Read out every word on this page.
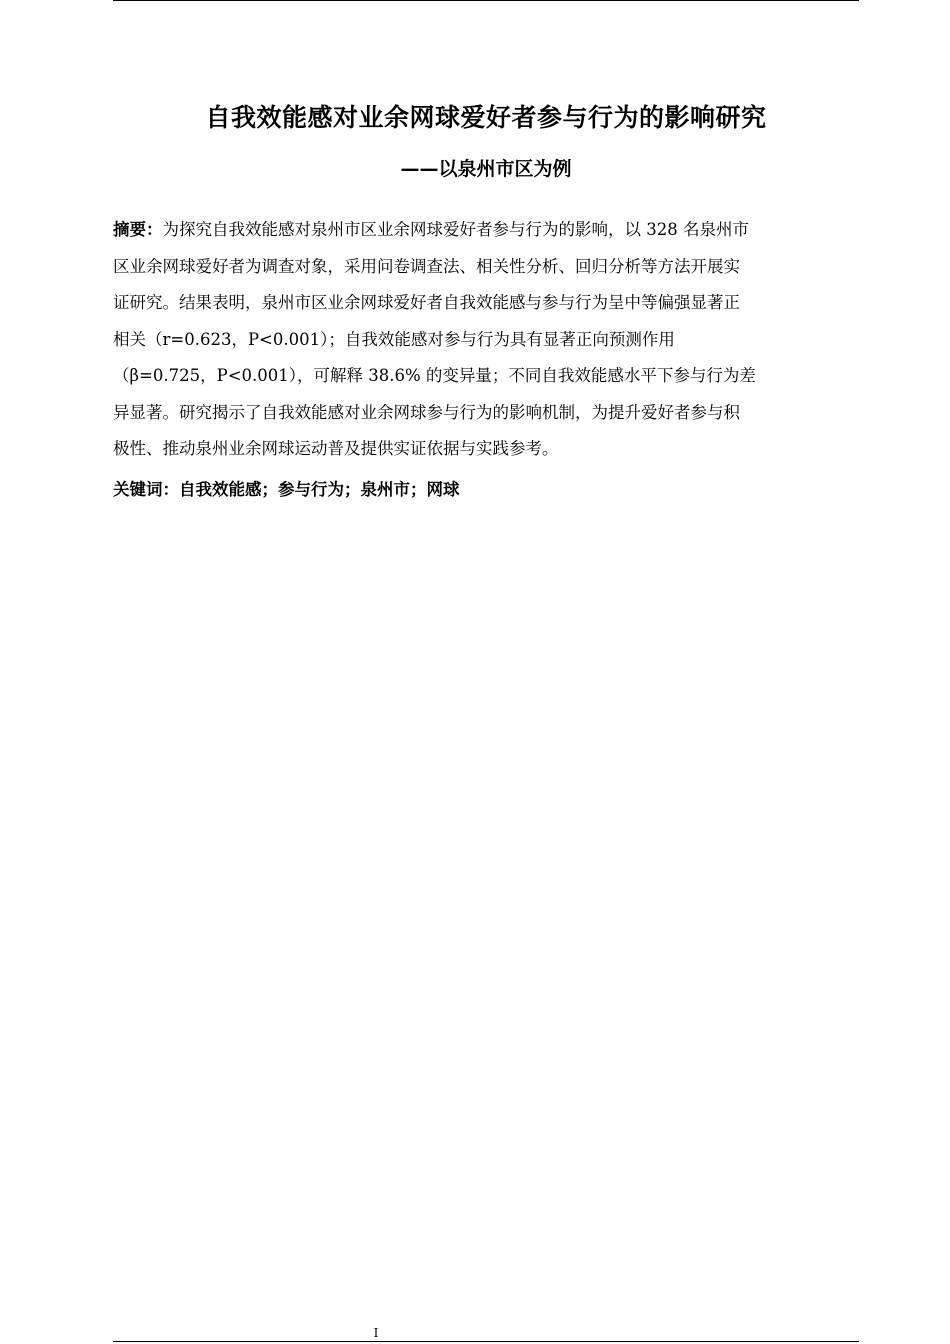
自我效能感对业余网球爱好者参与行为的影响研究
——以泉州市区为例
摘要：为探究自我效能感对泉州市区业余网球爱好者参与行为的影响，以 328 名泉州市
区业余网球爱好者为调查对象，采用问卷调查法、相关性分析、回归分析等方法开展实
证研究。结果表明，泉州市区业余网球爱好者自我效能感与参与行为呈中等偏强显著正
相关（r=0.623，P<0.001）；自我效能感对参与行为具有显著正向预测作用
（β=0.725，P<0.001），可解释 38.6% 的变异量；不同自我效能感水平下参与行为差
异显著。研究揭示了自我效能感对业余网球参与行为的影响机制，为提升爱好者参与积
极性、推动泉州业余网球运动普及提供实证依据与实践参考。
关键词：自我效能感；参与行为；泉州市；网球
I
